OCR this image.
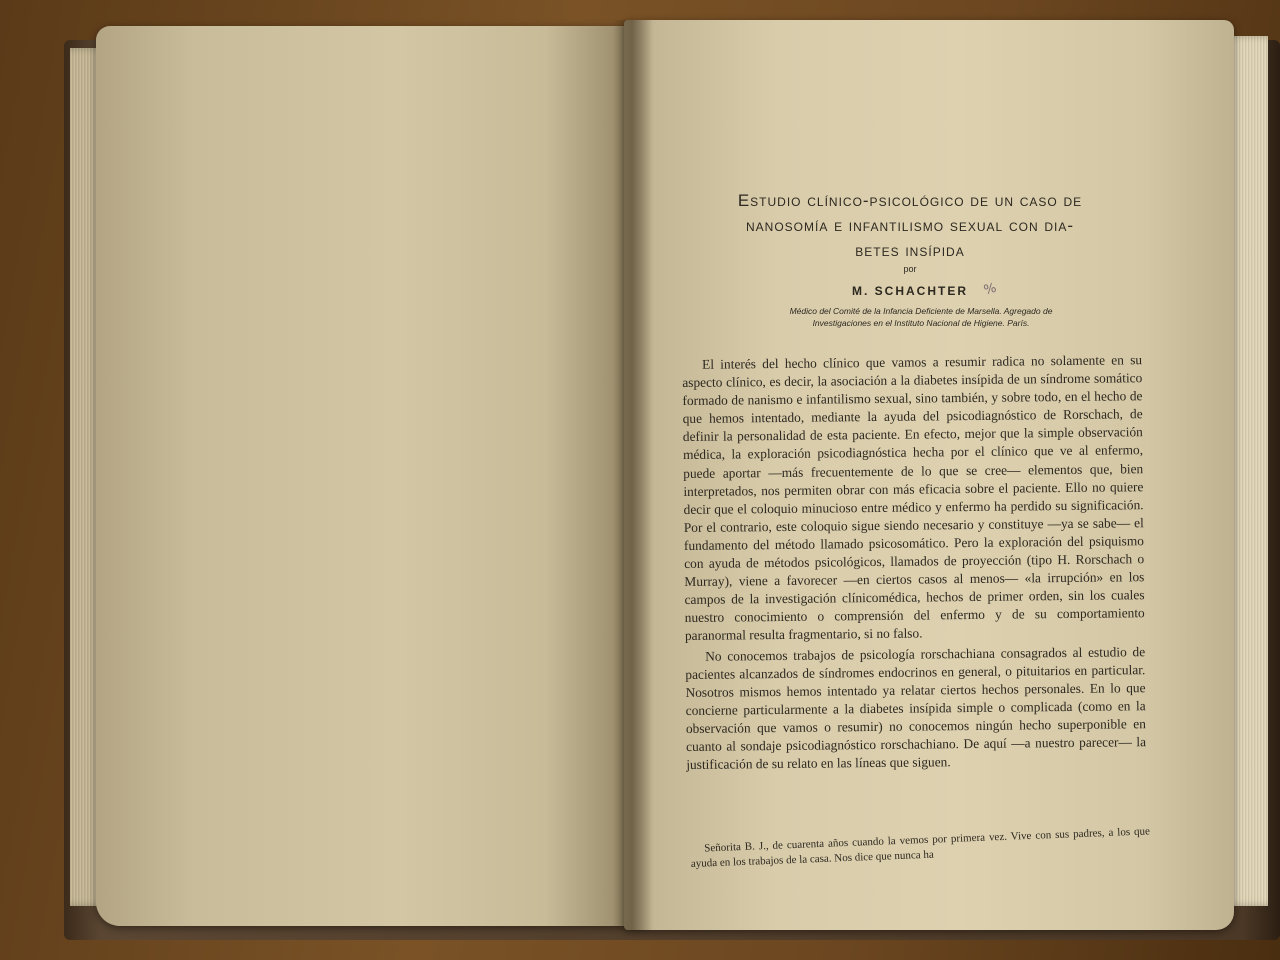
Estudio clínico-psicológico de un caso de
nanosomía e infantilismo sexual con dia-
betes insípida
por
M. SCHACHTER	%
Médico del Comité de la Infancia Deficiente de Marsella. Agregado de
Investigaciones en el Instituto Nacional de Higiene. París.

El interés del hecho clínico que vamos a resumir radica no solamente en su aspecto clínico, es decir, la asociación a la diabetes insípida de un síndrome somático formado de nanismo e infantilismo sexual, sino también, y sobre todo, en el hecho de que hemos intentado, mediante la ayuda del psicodiagnóstico de Rorschach, de definir la personalidad de esta paciente. En efecto, mejor que la simple observación médica, la exploración psicodiagnóstica hecha por el clínico que ve al enfermo, puede aportar —más frecuentemente de lo que se cree— elementos que, bien interpretados, nos permiten obrar con más eficacia sobre el paciente. Ello no quiere decir que el coloquio minucioso entre médico y enfermo ha perdido su significación. Por el contrario, este coloquio sigue siendo necesario y constituye —ya se sabe— el fundamento del método llamado psicosomático. Pero la exploración del psiquismo con ayuda de métodos psicológicos, llamados de proyección (tipo H. Rorschach o Murray), viene a favorecer —en ciertos casos al menos— «la irrupción» en los campos de la investigación clínicomédica, hechos de primer orden, sin los cuales nuestro conocimiento o comprensión del enfermo y de su comportamiento paranormal resulta fragmentario, si no falso.

No conocemos trabajos de psicología rorschachiana consagrados al estudio de pacientes alcanzados de síndromes endocrinos en general, o pituitarios en particular. Nosotros mismos hemos intentado ya relatar ciertos hechos personales. En lo que concierne particularmente a la diabetes insípida simple o complicada (como en la observación que vamos o resumir) no conocemos ningún hecho superponible en cuanto al sondaje psicodiagnóstico rorschachiano. De aquí —a nuestro parecer— la justificación de su relato en las líneas que siguen.

Señorita B. J., de cuarenta años cuando la vemos por primera vez. Vive con sus padres, a los que ayuda en los trabajos de la casa. Nos dice que nunca ha
